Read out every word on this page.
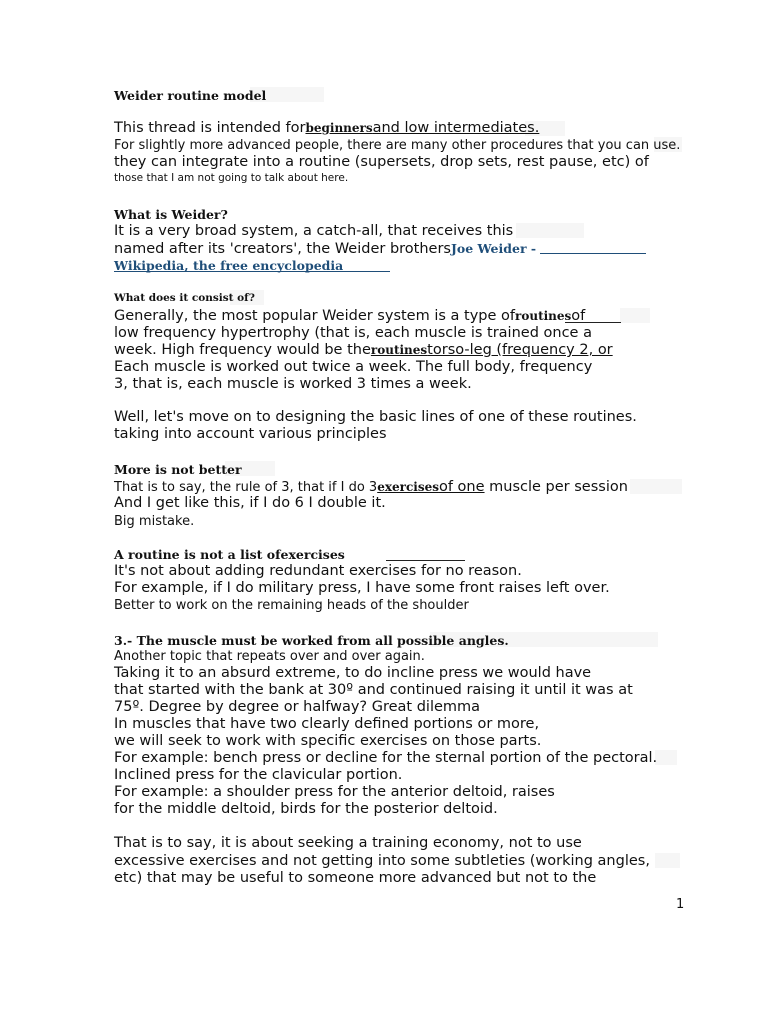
Weider routine model
This thread is intended forbeginnersand low intermediates.
For slightly more advanced people, there are many other procedures that you can use.
they can integrate into a routine (supersets, drop sets, rest pause, etc) of
those that I am not going to talk about here.
What is Weider?
It is a very broad system, a catch-all, that receives this
named after its 'creators', the Weider brothersJoe Weider -
Wikipedia, the free encyclopedia
What does it consist of?
Generally, the most popular Weider system is a type ofroutinesof
low frequency hypertrophy (that is, each muscle is trained once a
week. High frequency would be theroutinestorso-leg (frequency 2, or
Each muscle is worked out twice a week. The full body, frequency
3, that is, each muscle is worked 3 times a week.
Well, let's move on to designing the basic lines of one of these routines.
taking into account various principles
More is not better
That is to say, the rule of 3, that if I do 3exercisesof one muscle per session
And I get like this, if I do 6 I double it.
Big mistake.
A routine is not a list ofexercises
It's not about adding redundant exercises for no reason.
For example, if I do military press, I have some front raises left over.
Better to work on the remaining heads of the shoulder
3.- The muscle must be worked from all possible angles.
Another topic that repeats over and over again.
Taking it to an absurd extreme, to do incline press we would have
that started with the bank at 30º and continued raising it until it was at
75º. Degree by degree or halfway? Great dilemma
In muscles that have two clearly defined portions or more,
we will seek to work with specific exercises on those parts.
For example: bench press or decline for the sternal portion of the pectoral.
Inclined press for the clavicular portion.
For example: a shoulder press for the anterior deltoid, raises
for the middle deltoid, birds for the posterior deltoid.
That is to say, it is about seeking a training economy, not to use
excessive exercises and not getting into some subtleties (working angles,
etc) that may be useful to someone more advanced but not to the
1
